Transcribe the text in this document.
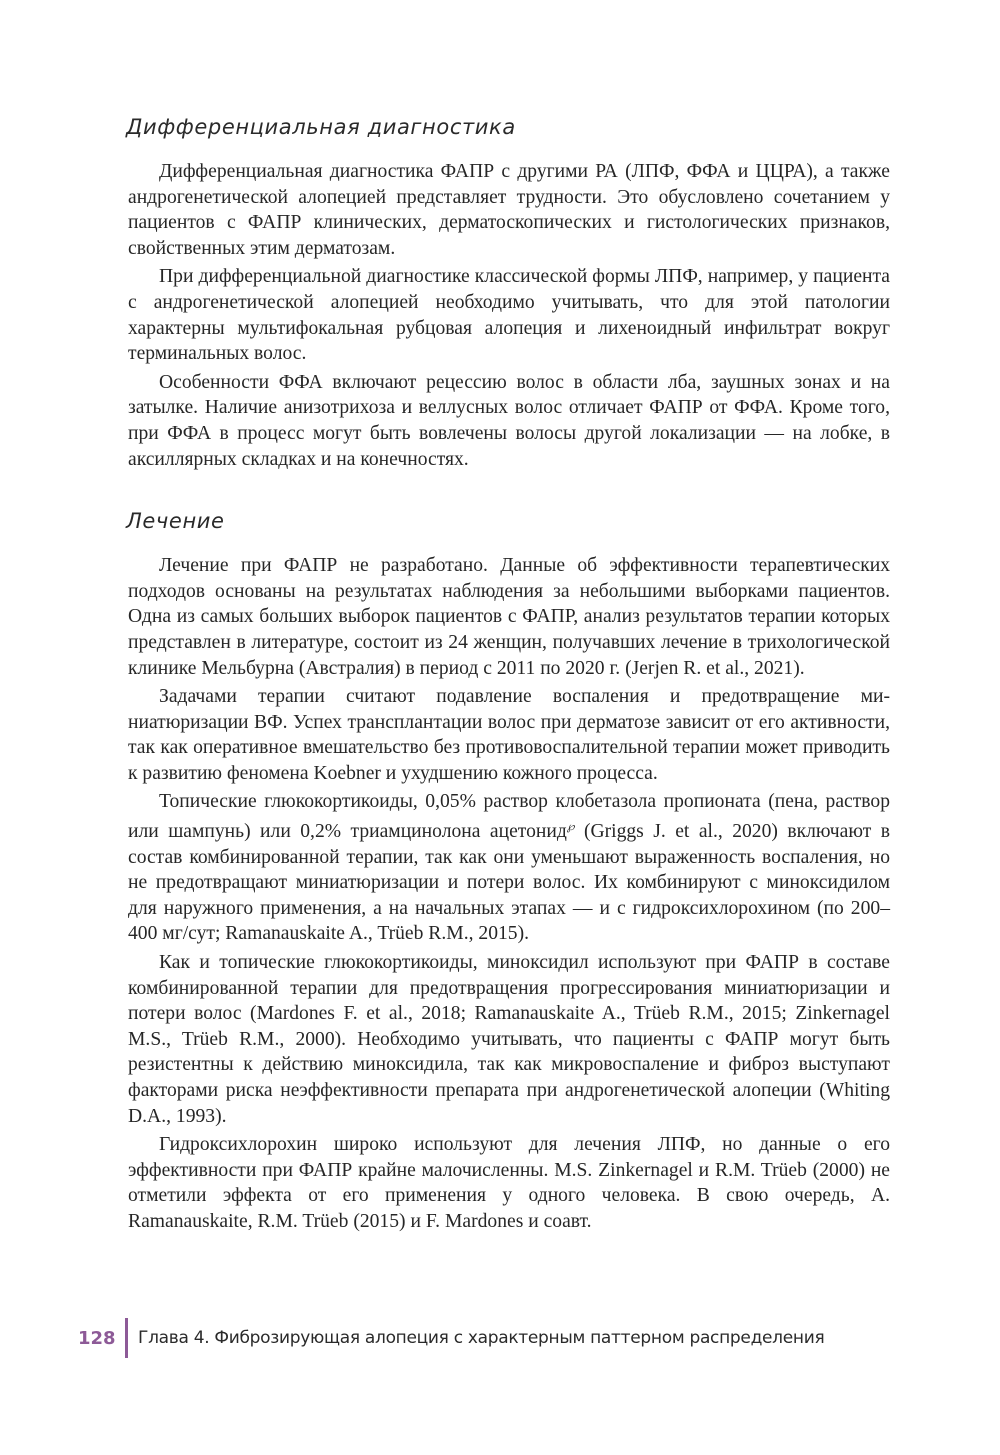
Дифференциальная диагностика

Дифференциальная диагностика ФАПР с другими РА (ЛПФ, ФФА и ЦЦРА), а также андрогенетической алопецией представляет трудности. Это обусловлено сочетанием у пациентов с ФАПР клинических, дерматоскопических и гистологических признаков, свойственных этим дерматозам.

При дифференциальной диагностике классической формы ЛПФ, например, у пациента с андрогенетической алопецией необходимо учитывать, что для этой патологии характерны мультифокальная рубцовая алопеция и лихеноидный инфильтрат вокруг терминальных волос.

Особенности ФФА включают рецессию волос в области лба, заушных зонах и на затылке. Наличие анизотрихоза и веллусных волос отличает ФАПР от ФФА. Кроме того, при ФФА в процесс могут быть вовлечены волосы другой локализации — на лобке, в аксиллярных складках и на конечностях.

Лечение

Лечение при ФАПР не разработано. Данные об эффективности терапевтических подходов основаны на результатах наблюдения за небольшими выборками пациентов. Одна из самых больших выборок пациентов с ФАПР, анализ результатов терапии которых представлен в литературе, состоит из 24 женщин, получавших лечение в трихологической клинике Мельбурна (Австралия) в период с 2011 по 2020 г. (Jerjen R. et al., 2021).

Задачами терапии считают подавление воспаления и предотвращение миниатюризации ВФ. Успех трансплантации волос при дерматозе зависит от его активности, так как оперативное вмешательство без противовоспалительной терапии может приводить к развитию феномена Koebner и ухудшению кожного процесса.

Топические глюкокортикоиды, 0,05% раствор клобетазола пропионата (пена, раствор или шампунь) или 0,2% триамцинолона ацетонид℘ (Griggs J. et al., 2020) включают в состав комбинированной терапии, так как они уменьшают выраженность воспаления, но не предотвращают миниатюризации и потери волос. Их комбинируют с миноксидилом для наружного применения, а на начальных этапах — и с гидроксихлорохином (по 200–400 мг/сут; Ramanauskaite A., Trüeb R.M., 2015).

Как и топические глюкокортикоиды, миноксидил используют при ФАПР в составе комбинированной терапии для предотвращения прогрессирования миниатюризации и потери волос (Mardones F. et al., 2018; Ramanauskaite A., Trüeb R.M., 2015; Zinkernagel M.S., Trüeb R.M., 2000). Необходимо учитывать, что пациенты с ФАПР могут быть резистентны к действию миноксидила, так как микровоспаление и фиброз выступают факторами риска неэффективности препарата при андрогенетической алопеции (Whiting D.A., 1993).

Гидроксихлорохин широко используют для лечения ЛПФ, но данные о его эффективности при ФАПР крайне малочисленны. M.S. Zinkernagel и R.M. Trüeb (2000) не отметили эффекта от его применения у одного человека. В свою очередь, A. Ramanauskaite, R.M. Trüeb (2015) и F. Mardones и соавт.

128 Глава 4. Фиброзирующая алопеция с характерным паттерном распределения
